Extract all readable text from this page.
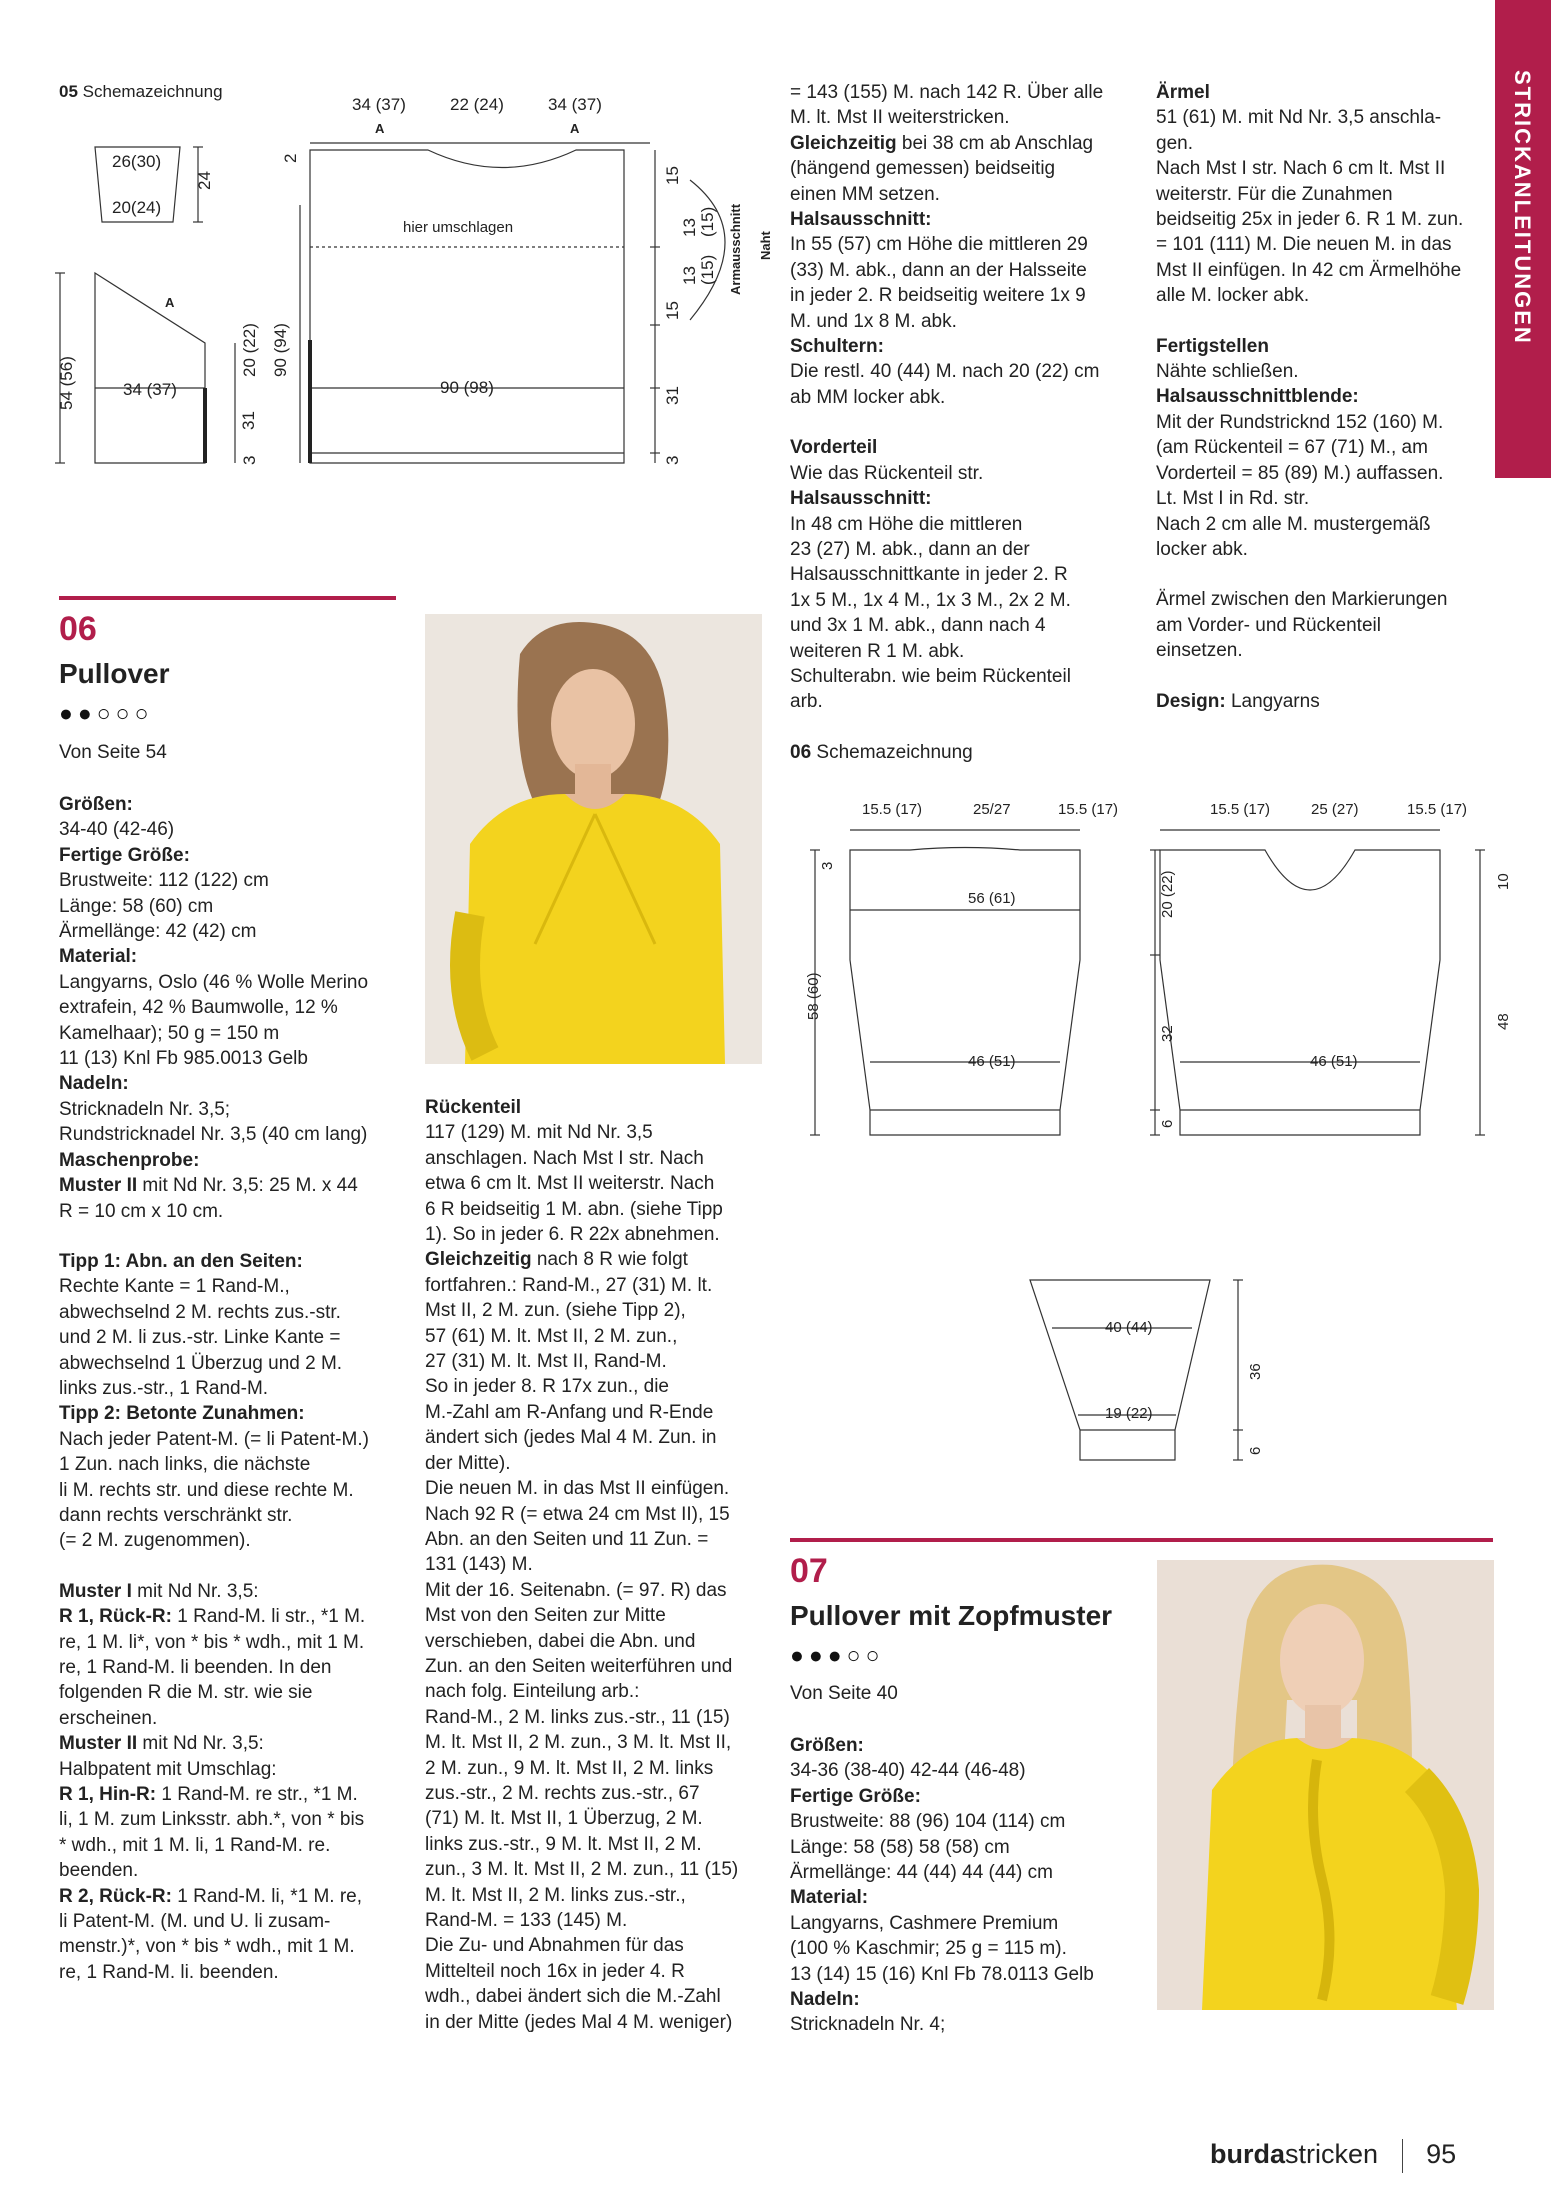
STRICKANLEITUNGEN
05 Schemazeichnung
26(30)
20(24)
24
54 (56)	34 (37)
A
20 (22) 90 (94)
31
3
2
34 (37)	22 (24)	34 (37)
A	A
hier umschlagen
90 (98)
15
13 (15)
13 (15)
15
31
3
Armausschnitt Naht

= 143 (155) M. nach 142 R. Über alle

M. lt. Mst II weiterstricken.

Gleichzeitig bei 38 cm ab Anschlag

(hängend gemessen) beidseitig

einen MM setzen.

Halsausschnitt:

In 55 (57) cm Höhe die mittleren 29

(33) M. abk., dann an der Halsseite

in jeder 2. R beidseitig weitere 1x 9

M. und 1x 8 M. abk.

Schultern:

Die restl. 40 (44) M. nach 20 (22) cm

ab MM locker abk.

Vorderteil

Wie das Rückenteil str.

Halsausschnitt:

In 48 cm Höhe die mittleren

23 (27) M. abk., dann an der

Halsausschnittkante in jeder 2. R

1x 5 M., 1x 4 M., 1x 3 M., 2x 2 M.

und 3x 1 M. abk., dann nach 4

weiteren R 1 M. abk.

Schulterabn. wie beim Rückenteil

arb.

Ärmel

51 (61) M. mit Nd Nr. 3,5 anschla-

gen.

Nach Mst I str. Nach 6 cm lt. Mst II

weiterstr. Für die Zunahmen

beidseitig 25x in jeder 6. R 1 M. zun.

= 101 (111) M. Die neuen M. in das

Mst II einfügen. In 42 cm Ärmelhöhe

alle M. locker abk.

Fertigstellen

Nähte schließen.

Halsausschnittblende:

Mit der Rundstricknd 152 (160) M.

(am Rückenteil = 67 (71) M., am

Vorderteil = 85 (89) M.) auffassen.

Lt. Mst I in Rd. str.

Nach 2 cm alle M. mustergemäß

locker abk.

Ärmel zwischen den Markierungen

am Vorder- und Rückenteil

einsetzen.

Design: Langyarns

06
Pullover
●●○○○
Von Seite 54	06 Schemazeichnung
15.5 (17)	25/27	15.5 (17)	15.5 (17)	25 (27)	15.5 (17)
56 (61)
46 (51)	46 (51)
3
58 (60)
20 (22)
32
6
10
48
40 (44)
19 (22)
36
6

Größen:

34-40 (42-46)

Fertige Größe:

Brustweite: 112 (122) cm

Länge: 58 (60) cm

Ärmellänge: 42 (42) cm

Material:

Langyarns, Oslo (46 % Wolle Merino

extrafein, 42 % Baumwolle, 12 %

Kamelhaar); 50 g = 150 m

11 (13) Knl Fb 985.0013 Gelb

Nadeln:

Stricknadeln Nr. 3,5;

Rundstricknadel Nr. 3,5 (40 cm lang)

Maschenprobe:

Muster II mit Nd Nr. 3,5: 25 M. x 44

R = 10 cm x 10 cm.

Tipp 1: Abn. an den Seiten:

Rechte Kante = 1 Rand-M.,

abwechselnd 2 M. rechts zus.-str.

und 2 M. li zus.-str. Linke Kante =

abwechselnd 1 Überzug und 2 M.

links zus.-str., 1 Rand-M.

Tipp 2: Betonte Zunahmen:

Nach jeder Patent-M. (= li Patent-M.)

1 Zun. nach links, die nächste

li M. rechts str. und diese rechte M.

dann rechts verschränkt str.

(= 2 M. zugenommen).

Muster I mit Nd Nr. 3,5:

R 1, Rück-R: 1 Rand-M. li str., *1 M.

re, 1 M. li*, von * bis * wdh., mit 1 M.

re, 1 Rand-M. li beenden. In den

folgenden R die M. str. wie sie

erscheinen.

Muster II mit Nd Nr. 3,5:

Halbpatent mit Umschlag:

R 1, Hin-R: 1 Rand-M. re str., *1 M.

li, 1 M. zum Linksstr. abh.*, von * bis

* wdh., mit 1 M. li, 1 Rand-M. re.

beenden.

R 2, Rück-R: 1 Rand-M. li, *1 M. re,

li Patent-M. (M. und U. li zusam-

menstr.)*, von * bis * wdh., mit 1 M.

re, 1 Rand-M. li. beenden.

Rückenteil

117 (129) M. mit Nd Nr. 3,5

anschlagen. Nach Mst I str. Nach

etwa 6 cm lt. Mst II weiterstr. Nach

6 R beidseitig 1 M. abn. (siehe Tipp

1). So in jeder 6. R 22x abnehmen.

Gleichzeitig nach 8 R wie folgt

fortfahren.: Rand-M., 27 (31) M. lt.

Mst II, 2 M. zun. (siehe Tipp 2),

57 (61) M. lt. Mst II, 2 M. zun.,

27 (31) M. lt. Mst II, Rand-M.

So in jeder 8. R 17x zun., die

M.-Zahl am R-Anfang und R-Ende

ändert sich (jedes Mal 4 M. Zun. in

der Mitte).

Die neuen M. in das Mst II einfügen.

Nach 92 R (= etwa 24 cm Mst II), 15

Abn. an den Seiten und 11 Zun. =

131 (143) M.

Mit der 16. Seitenabn. (= 97. R) das

Mst von den Seiten zur Mitte

verschieben, dabei die Abn. und

Zun. an den Seiten weiterführen und

nach folg. Einteilung arb.:

Rand-M., 2 M. links zus.-str., 11 (15)

M. lt. Mst II, 2 M. zun., 3 M. lt. Mst II,

2 M. zun., 9 M. lt. Mst II, 2 M. links

zus.-str., 2 M. rechts zus.-str., 67

(71) M. lt. Mst II, 1 Überzug, 2 M.

links zus.-str., 9 M. lt. Mst II, 2 M.

zun., 3 M. lt. Mst II, 2 M. zun., 11 (15)

M. lt. Mst II, 2 M. links zus.-str.,

Rand-M. = 133 (145) M.

Die Zu- und Abnahmen für das

Mittelteil noch 16x in jeder 4. R

wdh., dabei ändert sich die M.-Zahl

in der Mitte (jedes Mal 4 M. weniger)

07
Pullover mit Zopfmuster
●●●○○
Von Seite 40

Größen:

34-36 (38-40) 42-44 (46-48)

Fertige Größe:

Brustweite: 88 (96) 104 (114) cm

Länge: 58 (58) 58 (58) cm

Ärmellänge: 44 (44) 44 (44) cm

Material:

Langyarns, Cashmere Premium

(100 % Kaschmir; 25 g = 115 m).

13 (14) 15 (16) Knl Fb 78.0113 Gelb

Nadeln:

Stricknadeln Nr. 4;

burdastricken 95
